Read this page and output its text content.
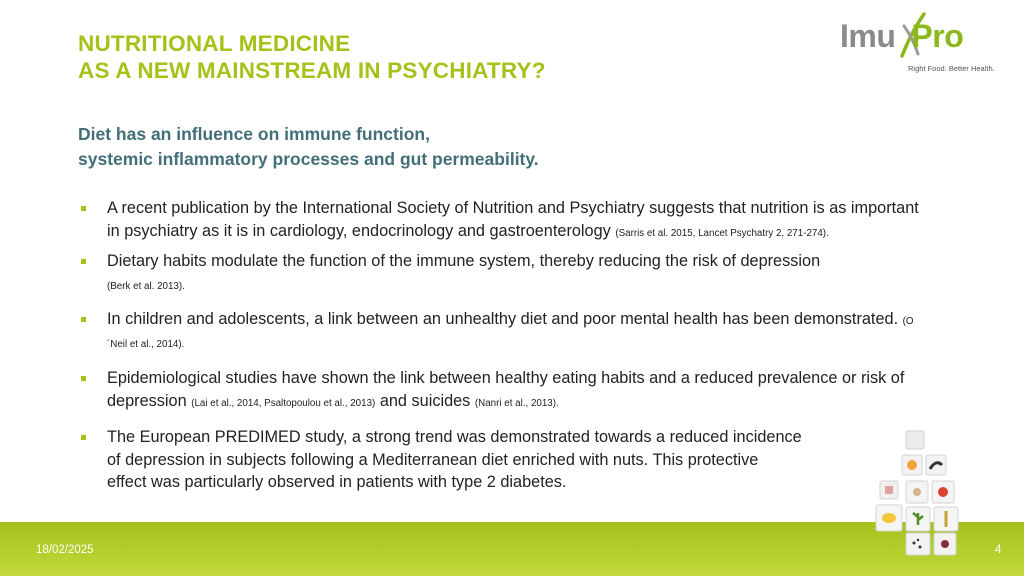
NUTRITIONAL MEDICINE
AS A NEW MAINSTREAM IN PSYCHIATRY?
Imu Pro
Right Food. Better Health.
Diet has an influence on immune function,
systemic inflammatory processes and gut permeability.
A recent publication by the International Society of Nutrition and Psychiatry suggests that nutrition is as important in psychiatry as it is in cardiology, endocrinology and gastroenterology (Sarris et al. 2015, Lancet Psychatry 2, 271-274).
Dietary habits modulate the function of the immune system, thereby reducing the risk of depression
(Berk et al. 2013).
In children and adolescents, a link between an unhealthy diet and poor mental health has been demonstrated. (O´Neil et al., 2014).
Epidemiological studies have shown the link between healthy eating habits and a reduced prevalence or risk of depression (Lai et al., 2014, Psaltopoulou et al., 2013) and suicides (Nanri et al., 2013).
The European PREDIMED study, a strong trend was demonstrated towards a reduced incidence
of depression in subjects following a Mediterranean diet enriched with nuts. This protective
effect was particularly observed in patients with type 2 diabetes.
18/02/2025	4
